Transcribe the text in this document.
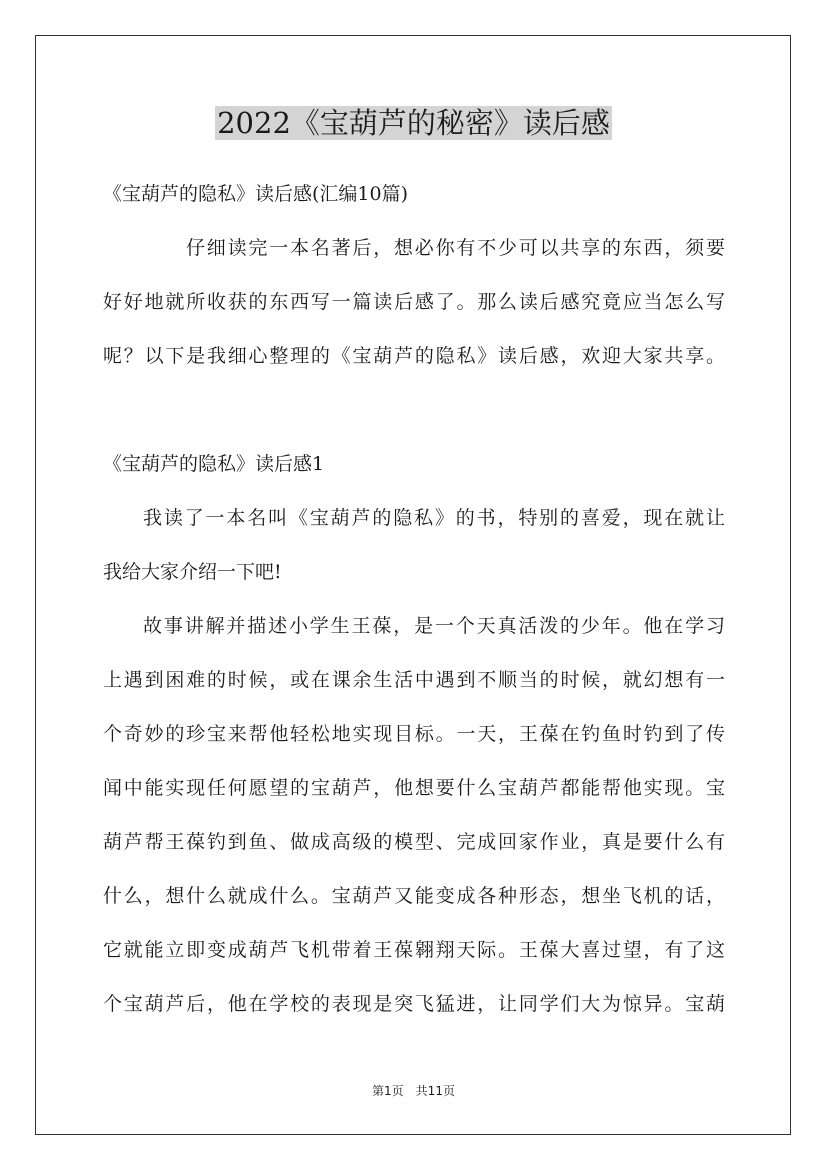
2022《宝葫芦的秘密》读后感

《宝葫芦的隐私》读后感(汇编10篇)

仔细读完一本名著后，想必你有不少可以共享的东西，须要

好好地就所收获的东西写一篇读后感了。那么读后感究竟应当怎么写

呢？以下是我细心整理的《宝葫芦的隐私》读后感，欢迎大家共享。

《宝葫芦的隐私》读后感1

我读了一本名叫《宝葫芦的隐私》的书，特别的喜爱，现在就让

我给大家介绍一下吧!

故事讲解并描述小学生王葆，是一个天真活泼的少年。他在学习

上遇到困难的时候，或在课余生活中遇到不顺当的时候，就幻想有一

个奇妙的珍宝来帮他轻松地实现目标。一天，王葆在钓鱼时钓到了传

闻中能实现任何愿望的宝葫芦，他想要什么宝葫芦都能帮他实现。宝

葫芦帮王葆钓到鱼、做成高级的模型、完成回家作业，真是要什么有

什么，想什么就成什么。宝葫芦又能变成各种形态，想坐飞机的话，

它就能立即变成葫芦飞机带着王葆翱翔天际。王葆大喜过望，有了这

个宝葫芦后，他在学校的表现是突飞猛进，让同学们大为惊异。宝葫

第1页　共11页
